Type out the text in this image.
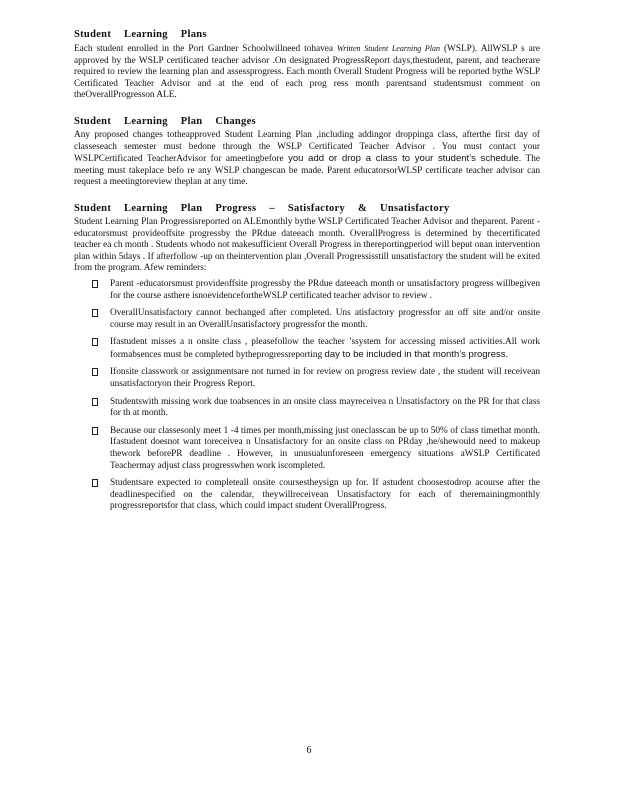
Student Learning Plans

Each student enrolled in the Port Gardner Schoolwillneed tohavea Written Student Learning Plan (WSLP). AllWSLP s are approved by the WSLP certificated teacher advisor .On designated ProgressReport days,thestudent, parent, and teacherare required to review the learning plan and assessprogress. Each month Overall Student Progress will be reported bythe WSLP Certificated Teacher Advisor and at the end of each prog ress month parentsand studentsmust comment on theOverallProgresson ALE.

Student Learning Plan Changes

Any proposed changes totheapproved Student Learning Plan ,including addingor droppinga class, afterthe first day of classeseach semester must bedone through the WSLP Certificated Teacher Advisor . You must contact your WSLPCertificated TeacherAdvisor for ameetingbefore you add or drop a class to your student’s schedule. The meeting must takeplace befo re any WSLP changescan be made. Parent educatorsorWLSP certificate teacher advisor can request a meetingtoreview theplan at any time.

Student Learning Plan Progress – Satisfactory & Unsatisfactory

Student Learning Plan Progressisreported on ALEmonthly bythe WSLP Certificated Teacher Advisor and theparent. Parent -educatorsmust provideoffsite progressby the PRdue dateeach month. OverallProgress is determined by thecertificated teacher ea ch month . Students whodo not makesufficient Overall Progress in thereportingperiod will beput onan intervention plan within 5days . If afterfollow -up on theintervention plan ,Overall Progressisstill unsatisfactory the student will be exited from the program. Afew reminders:

Parent -educatorsmust provideoffsite progressby the PRdue dateeach month or unsatisfactory progress willbegiven for the course asthere isnoevidencefortheWSLP certificated teacher advisor to review .
OverallUnsatisfactory cannot bechanged after completed. Uns atisfactory progressfor an off site and/or onsite course may result in an OverallUnsatisfactory progressfor the month.
Ifastudent misses a n onsite class , pleasefollow the teacher ’ssystem for accessing missed activities.All work formabsences must be completed bytheprogressreporting day to be included in that month’s progress.
Ifonsite classwork or assignmentsare not turned in for review on progress review date , the student will receivean unsatisfactoryon their Progress Report.
Studentswith missing work due toabsences in an onsite class mayreceivea n Unsatisfactory on the PR for that class for th at month.
Because our classesonly meet 1 -4 times per month,missing just oneclasscan be up to 50% of class timethat month. Ifastudent doesnot want toreceivea n Unsatisfactory for an onsite class on PRday ,he/shewould need to makeup thework beforePR deadline . However, in unusualunforeseen emergency situations aWSLP Certificated Teachermay adjust class progresswhen work iscompleted.
Studentsare expected to completeall onsite coursestheysign up for. If astudent choosestodrop acourse after the deadlinespecified on the calendar, theywillreceivean Unsatisfactory for each of theremainingmonthly progressreportsfor that class, which could impact student OverallProgress.
6
